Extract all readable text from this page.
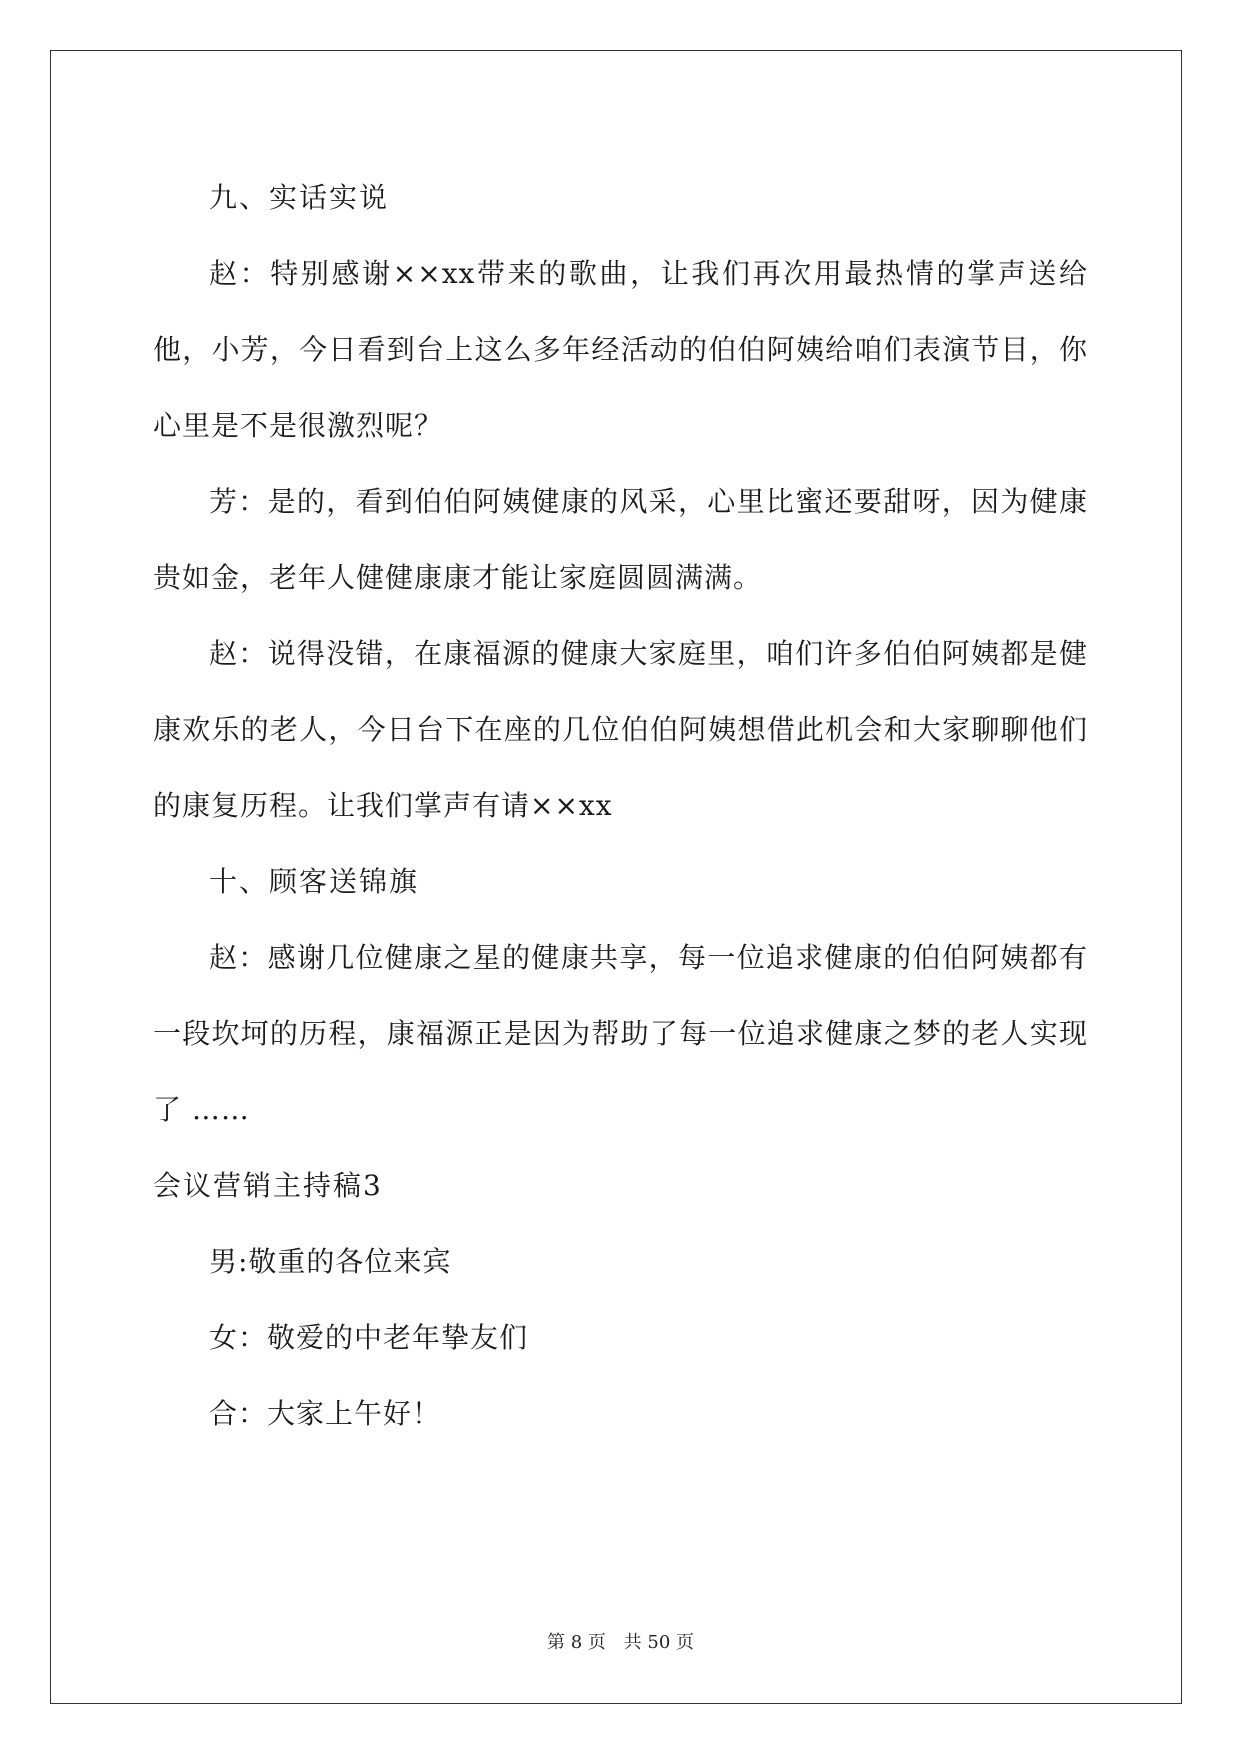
九、实话实说

赵：特别感谢××xx带来的歌曲，让我们再次用最热情的掌声送给他，小芳，今日看到台上这么多年经活动的伯伯阿姨给咱们表演节目，你心里是不是很激烈呢？

芳：是的，看到伯伯阿姨健康的风采，心里比蜜还要甜呀，因为健康贵如金，老年人健健康康才能让家庭圆圆满满。

赵：说得没错，在康福源的健康大家庭里，咱们许多伯伯阿姨都是健康欢乐的老人，今日台下在座的几位伯伯阿姨想借此机会和大家聊聊他们的康复历程。让我们掌声有请××xx

十、顾客送锦旗

赵：感谢几位健康之星的健康共享，每一位追求健康的伯伯阿姨都有一段坎坷的历程，康福源正是因为帮助了每一位追求健康之梦的老人实现了 ……

会议营销主持稿3

男:敬重的各位来宾

女：敬爱的中老年挚友们

合：大家上午好！

第 8 页 共 50 页
